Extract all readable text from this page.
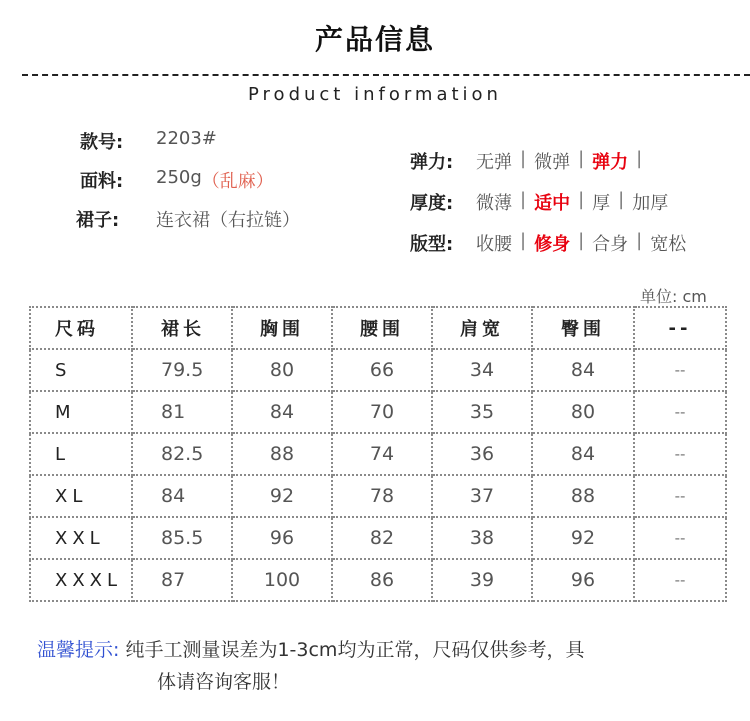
产品信息
Product information
款号:	2203#
面料:	250g （乱麻）
裙子:	连衣裙（右拉链）
弹力:	无弹 | 微弹 | 弹力 |
厚度:	微薄 | 适中 | 厚 | 加厚
版型:	收腰 | 修身 | 合身 | 宽松
单位: cm
尺码	裙长	胸围	腰围	肩宽	臀围	--
S	79.5	80	66	34	84	--
M	81	84	70	35	80	--
L	82.5	88	74	36	84	--
XL	84	92	78	37	88	--
XXL	85.5	96	82	38	92	--
XXXL	87	100	86	39	96	--
温馨提示: 纯手工测量误差为1-3cm均为正常，尺码仅供参考，具
体请咨询客服！
